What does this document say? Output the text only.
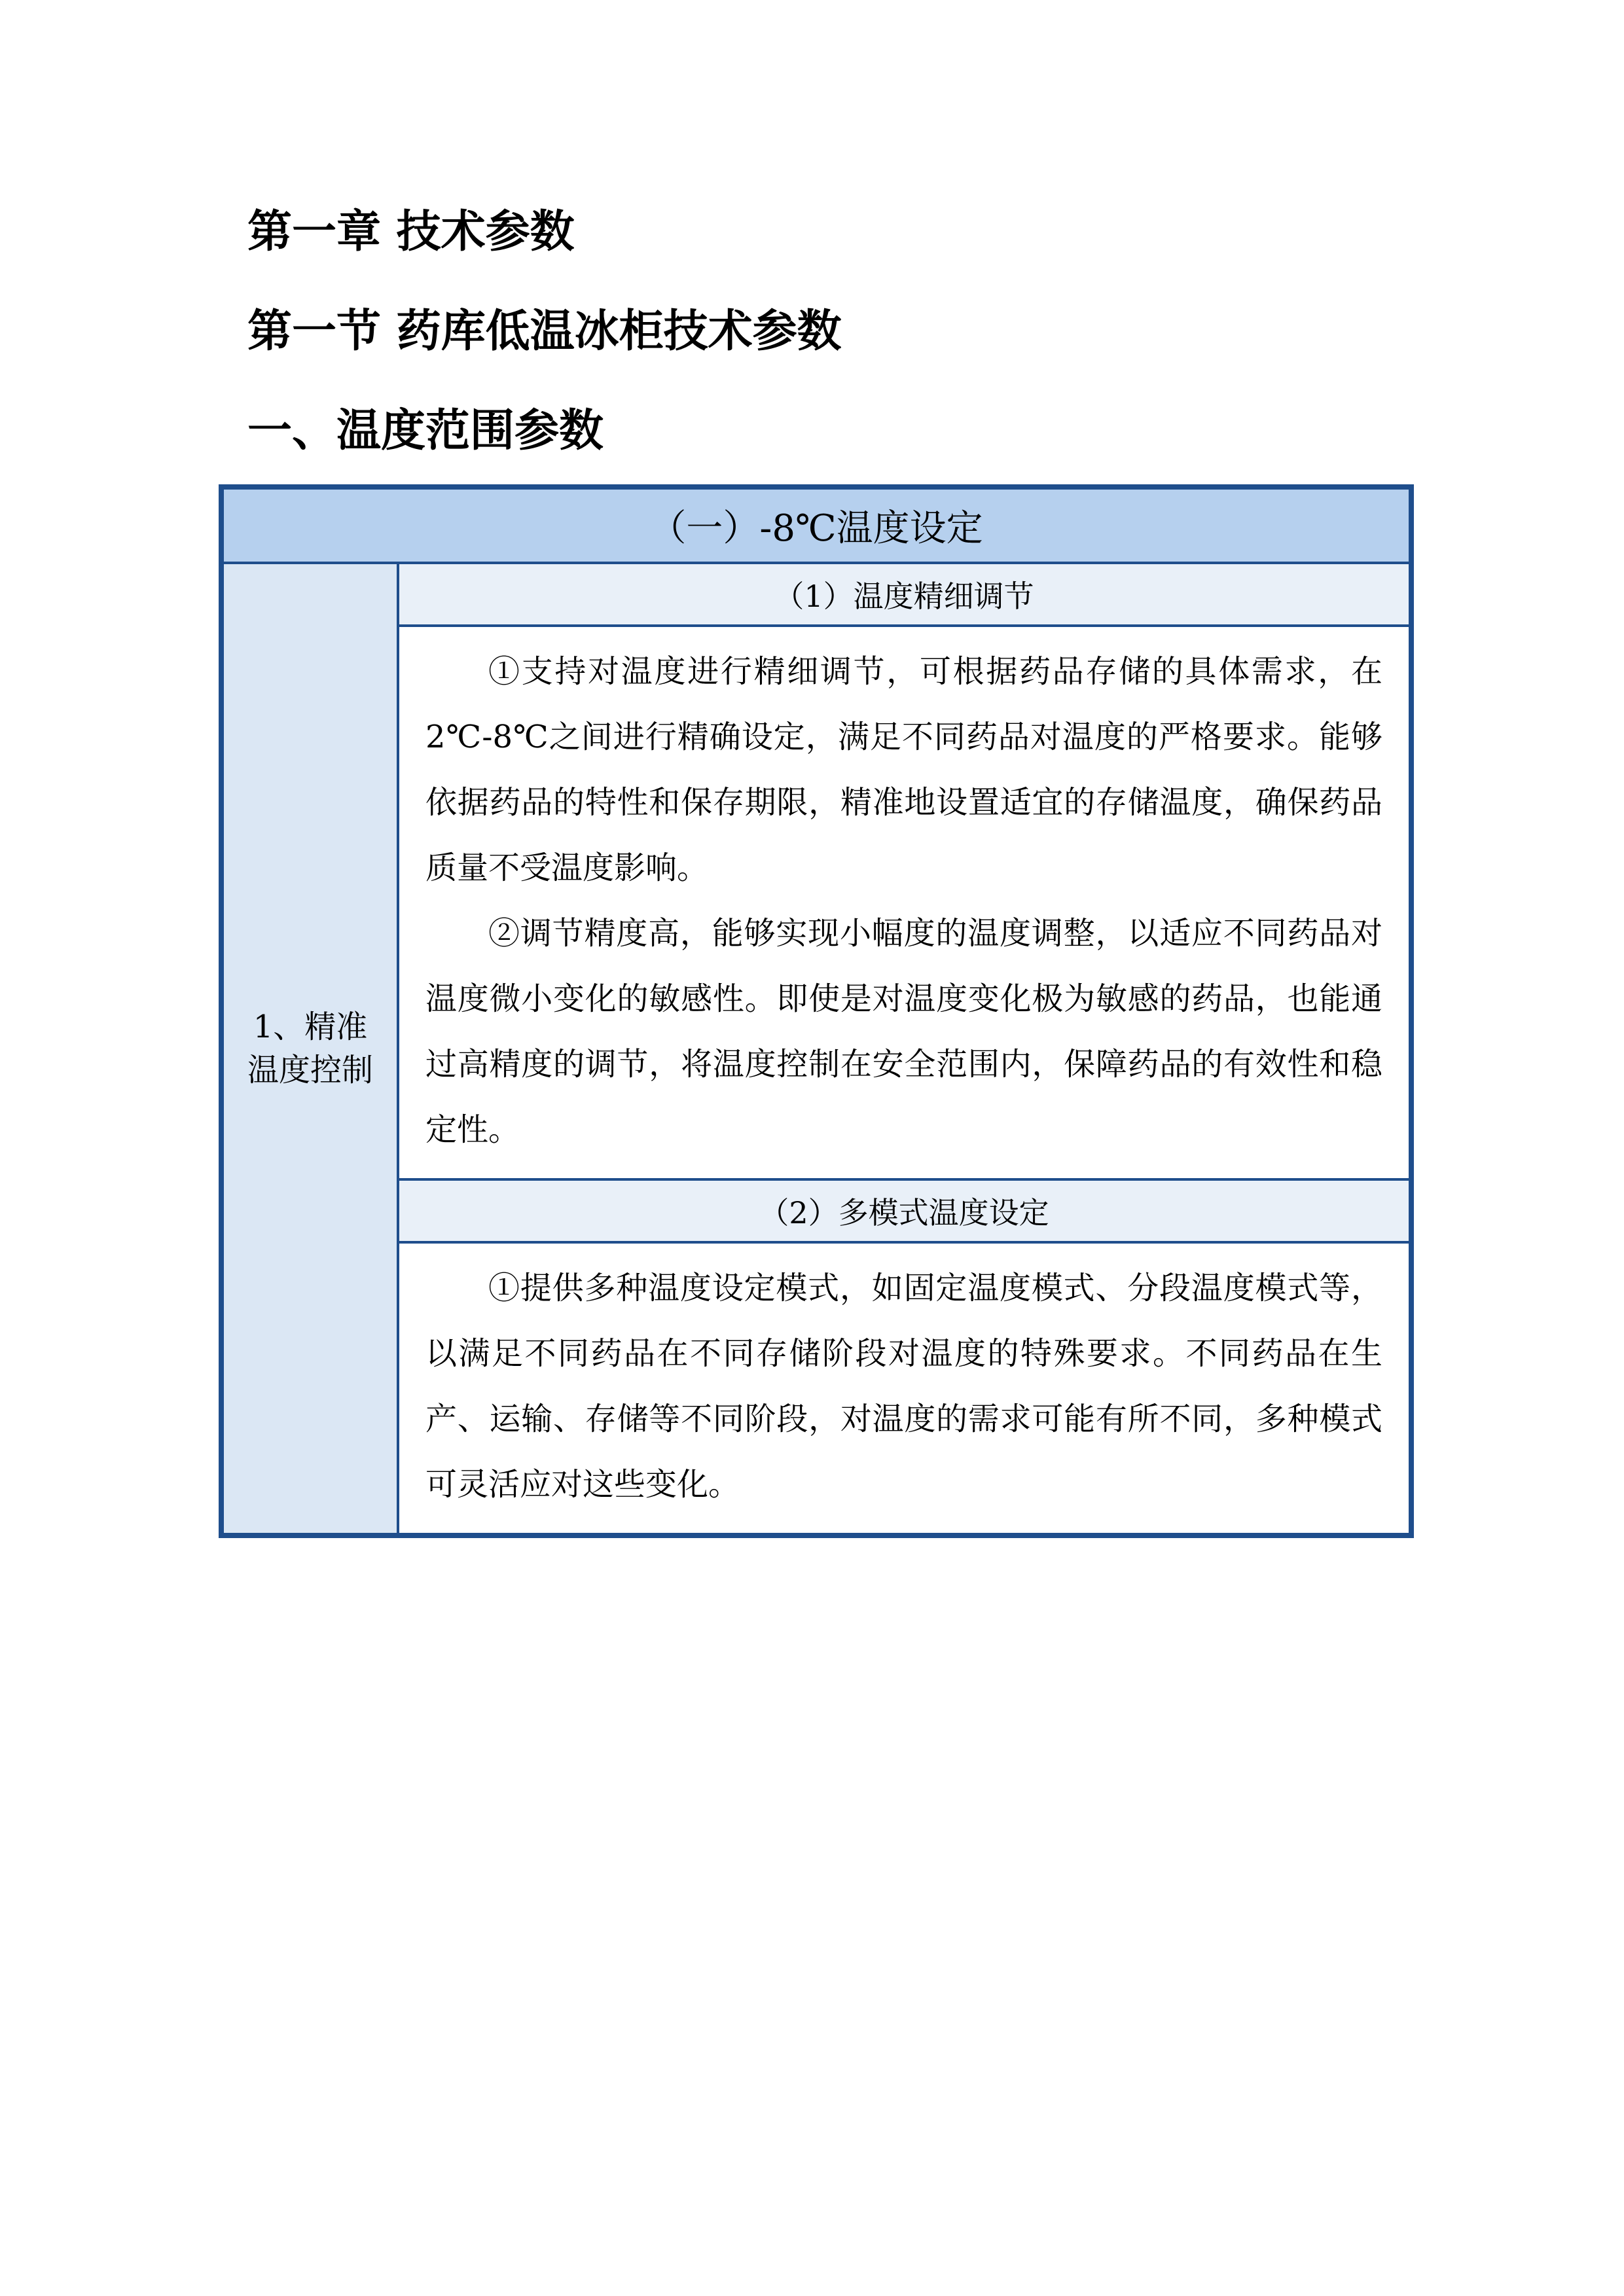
第一章 技术参数
第一节 药库低温冰柜技术参数
一、温度范围参数
（一）-8℃温度设定
1、精准温度控制	（1）温度精细调节

①支持对温度进行精细调节，可根据药品存储的具体需求，在2℃-8℃之间进行精确设定，满足不同药品对温度的严格要求。能够依据药品的特性和保存期限，精准地设置适宜的存储温度，确保药品质量不受温度影响。

②调节精度高，能够实现小幅度的温度调整，以适应不同药品对温度微小变化的敏感性。即使是对温度变化极为敏感的药品，也能通过高精度的调节，将温度控制在安全范围内，保障药品的有效性和稳定性。

（2）多模式温度设定

①提供多种温度设定模式，如固定温度模式、分段温度模式等，以满足不同药品在不同存储阶段对温度的特殊要求。不同药品在生产、运输、存储等不同阶段，对温度的需求可能有所不同，多种模式可灵活应对这些变化。
